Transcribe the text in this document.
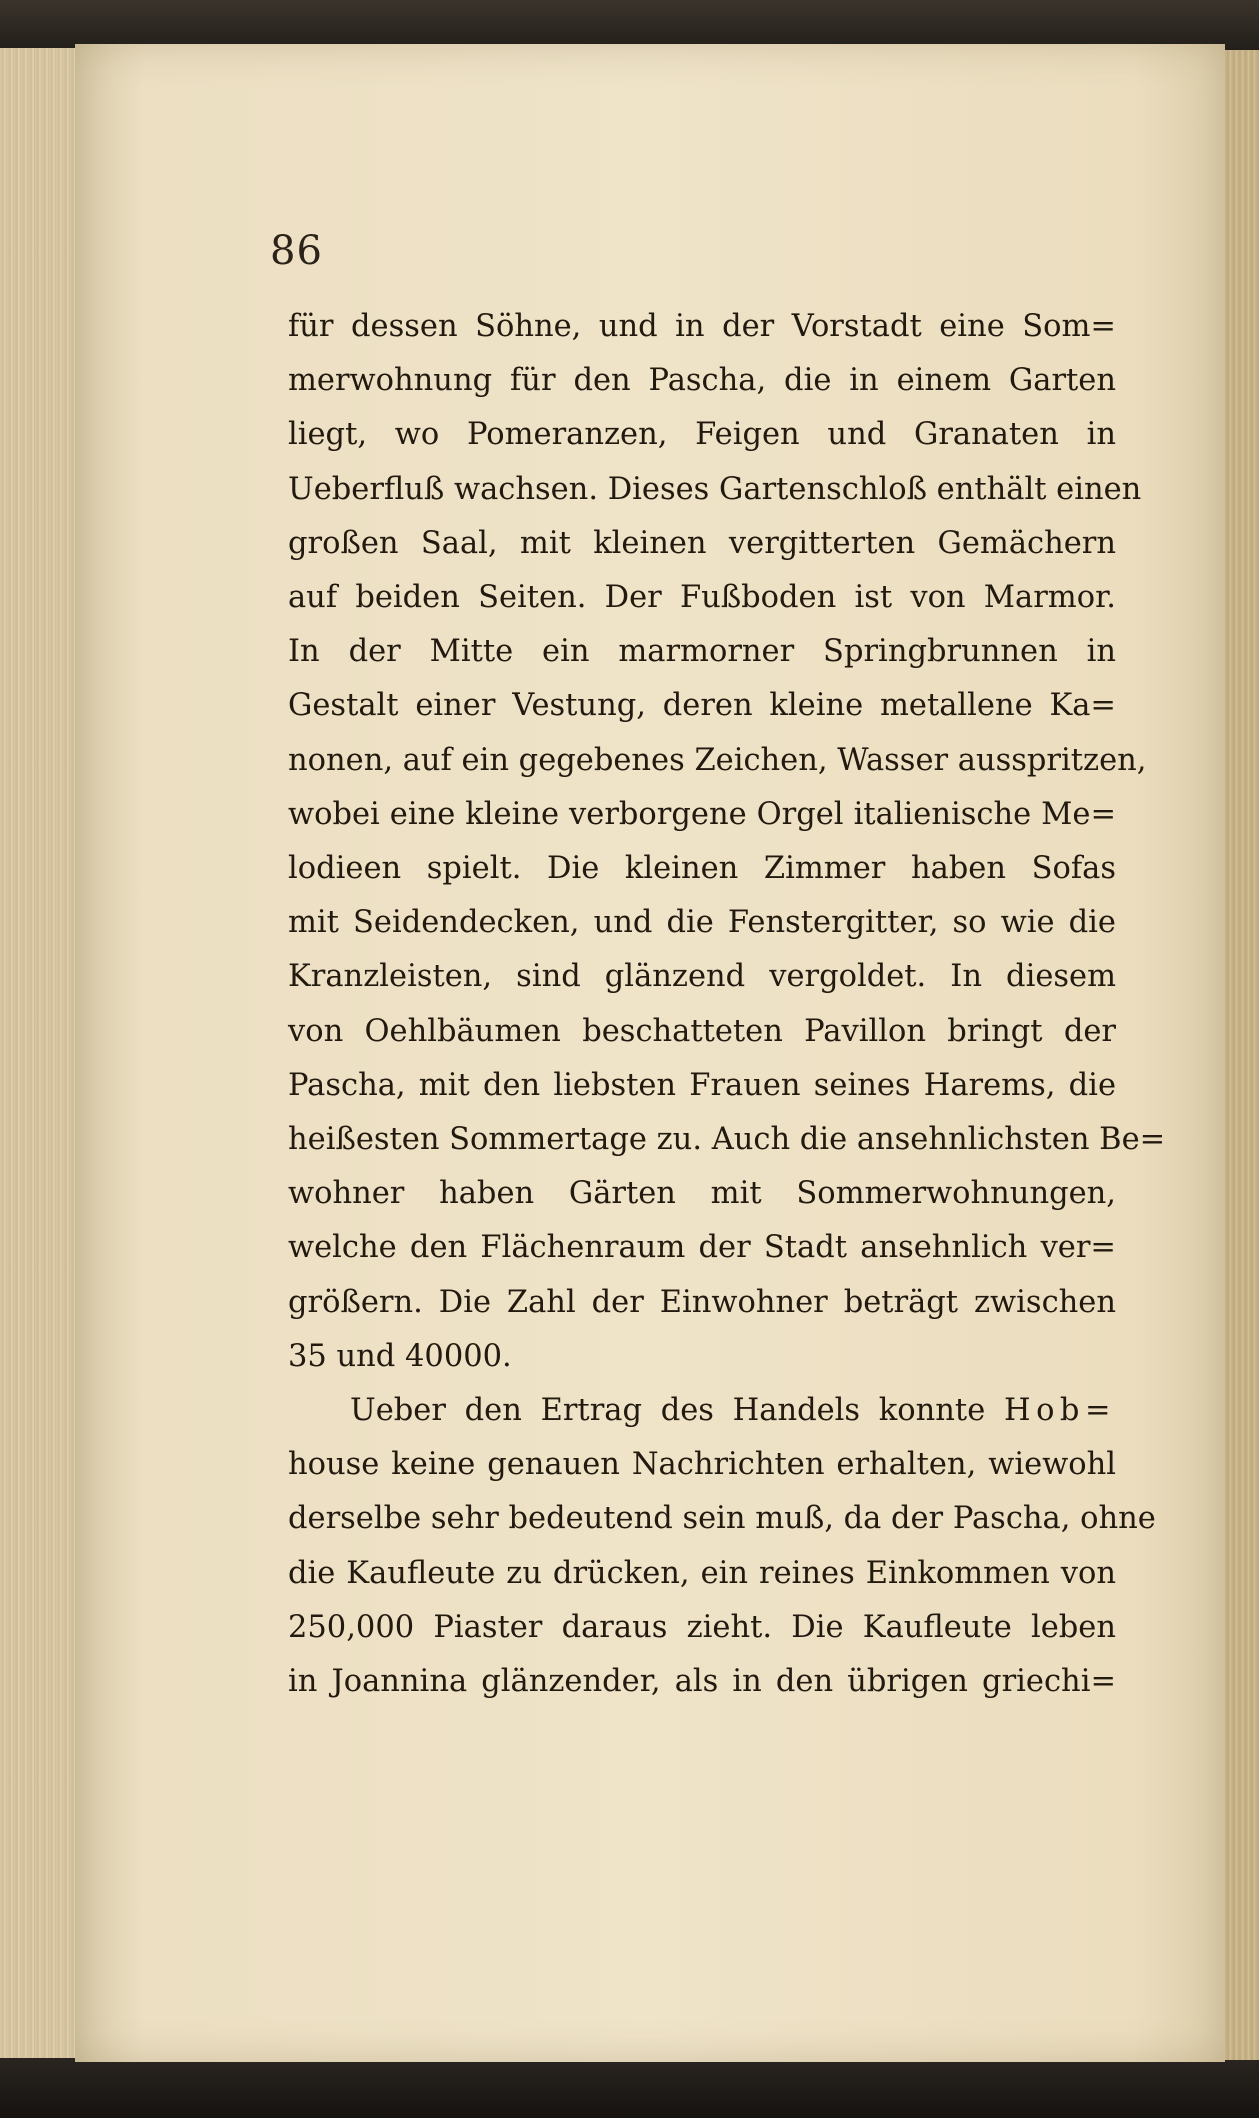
86
für dessen Söhne, und in der Vorstadt eine Som=
merwohnung für den Pascha, die in einem Garten
liegt, wo Pomeranzen, Feigen und Granaten in
Ueberfluß wachsen. Dieses Gartenschloß enthält einen
großen Saal, mit kleinen vergitterten Gemächern
auf beiden Seiten. Der Fußboden ist von Marmor.
In der Mitte ein marmorner Springbrunnen in
Gestalt einer Vestung, deren kleine metallene Ka=
nonen, auf ein gegebenes Zeichen, Wasser ausspritzen,
wobei eine kleine verborgene Orgel italienische Me=
lodieen spielt. Die kleinen Zimmer haben Sofas
mit Seidendecken, und die Fenstergitter, so wie die
Kranzleisten, sind glänzend vergoldet. In diesem
von Oehlbäumen beschatteten Pavillon bringt der
Pascha, mit den liebsten Frauen seines Harems, die
heißesten Sommertage zu. Auch die ansehnlichsten Be=
wohner haben Gärten mit Sommerwohnungen,
welche den Flächenraum der Stadt ansehnlich ver=
größern. Die Zahl der Einwohner beträgt zwischen
35 und 40000.
Ueber den Ertrag des Handels konnte Hob=
house keine genauen Nachrichten erhalten, wiewohl
derselbe sehr bedeutend sein muß, da der Pascha, ohne
die Kaufleute zu drücken, ein reines Einkommen von
250,000 Piaster daraus zieht. Die Kaufleute leben
in Joannina glänzender, als in den übrigen griechi=
